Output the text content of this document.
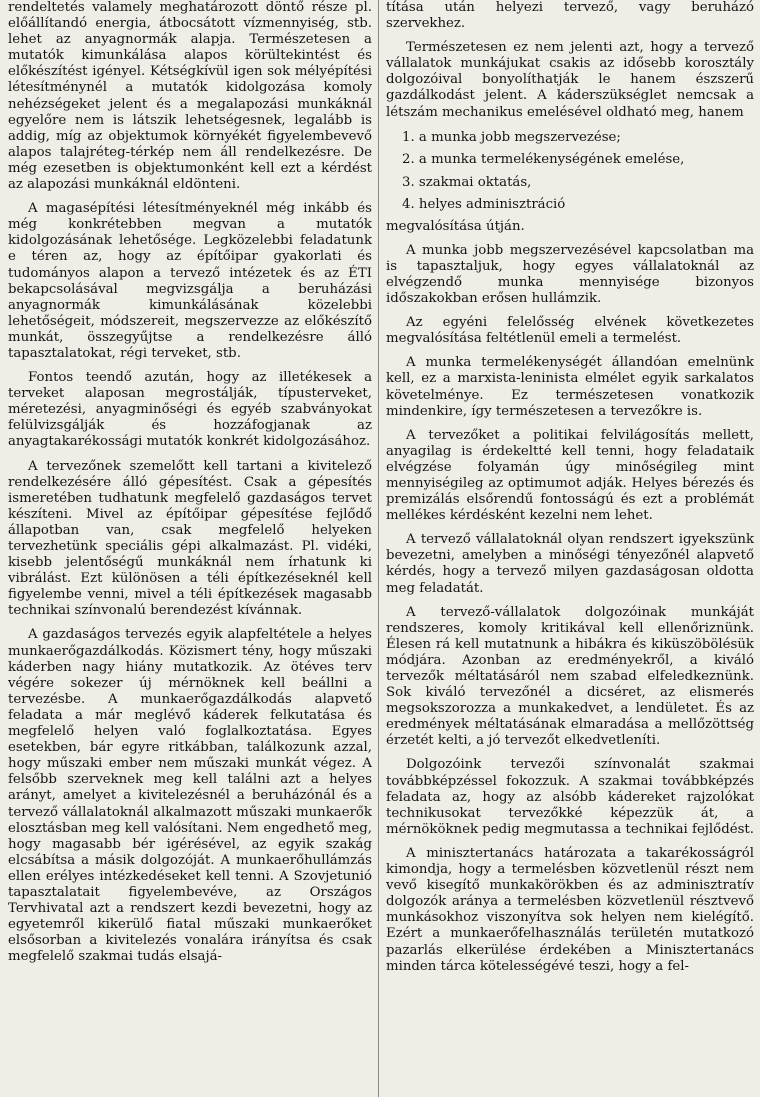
rendeltetés valamely meghatározott döntő része pl. előállítandó energia, átbocsátott vízmennyiség, stb. lehet az anyagnormák alapja. Természetesen a mutatók kimunkálása alapos körültekintést és előkészítést igényel. Kétségkívül igen sok mélyépítési létesítménynél a mutatók kidolgozása komoly nehézségeket jelent és a megalapozási munkáknál egyelőre nem is látszik lehetségesnek, legalább is addig, míg az objektumok környékét figyelembevevő alapos talajréteg-térkép nem áll rendelkezésre. De még ezesetben is objektumonként kell ezt a kérdést az alapozási munkáknál eldönteni.

A magasépítési létesítményeknél még inkább és még konkrétebben megvan a mutatók kidolgozásának lehetősége. Legközelebbi feladatunk e téren az, hogy az építőipar gyakorlati és tudományos alapon a tervező intézetek és az ÉTI bekapcsolásával megvizsgálja a beruházási anyagnormák kimunkálásának közelebbi lehetőségeit, módszereit, megszervezze az előkészítő munkát, összegyűjtse a rendelkezésre álló tapasztalatokat, régi terveket, stb.

Fontos teendő azután, hogy az illetékesek a terveket alaposan megrostálják, típusterveket, méretezési, anyagminőségi és egyéb szabványokat felülvizsgálják és hozzáfogjanak az anyagtakarékossági mutatók konkrét kidolgozásához.

A tervezőnek szemelőtt kell tartani a kivitelező rendelkezésére álló gépesítést. Csak a gépesítés ismeretében tudhatunk megfelelő gazdaságos tervet készíteni. Mivel az építőipar gépesítése fejlődő állapotban van, csak megfelelő helyeken tervezhetünk speciális gépi alkalmazást. Pl. vidéki, kisebb jelentőségű munkáknál nem írhatunk ki vibrálást. Ezt különösen a téli építkezéseknél kell figyelembe venni, mivel a téli építkezések magasabb technikai színvonalú berendezést kívánnak.

A gazdaságos tervezés egyik alapfeltétele a helyes munkaerőgazdálkodás. Közismert tény, hogy műszaki káderben nagy hiány mutatkozik. Az ötéves terv végére sokezer új mérnöknek kell beállni a tervezésbe. A munkaerőgazdálkodás alapvető feladata a már meglévő káderek felkutatása és megfelelő helyen való foglalkoztatása. Egyes esetekben, bár egyre ritkábban, találkozunk azzal, hogy műszaki ember nem műszaki munkát végez. A felsőbb szerveknek meg kell találni azt a helyes arányt, amelyet a kivitelezésnél a beruházónál és a tervező vállalatoknál alkalmazott műszaki munkaerők elosztásban meg kell valósítani. Nem engedhető meg, hogy magasabb bér igérésével, az egyik szakág elcsábítsa a másik dolgozóját. A munkaerőhullámzás ellen erélyes intézkedéseket kell tenni. A Szovjetunió tapasztalatait figyelembevéve, az Országos Tervhivatal azt a rendszert kezdi bevezetni, hogy az egyetemről kikerülő fiatal műszaki munkaerőket elsősorban a kivitelezés vonalára irányítsa és csak megfelelő szakmai tudás elsajá-

títása után helyezi tervező, vagy beruházó szervekhez.

Természetesen ez nem jelenti azt, hogy a tervező vállalatok munkájukat csakis az idősebb korosztály dolgozóival bonyolíthatják le hanem észszerű gazdálkodást jelent. A káderszükséglet nemcsak a létszám mechanikus emelésével oldható meg, hanem

1. a munka jobb megszervezése;
2. a munka termelékenységének emelése,
3. szakmai oktatás,
4. helyes adminisztráció

megvalósítása útján.

A munka jobb megszervezésével kapcsolatban ma is tapasztaljuk, hogy egyes vállalatoknál az elvégzendő munka mennyisége bizonyos időszakokban erősen hullámzik.

Az egyéni felelősség elvének következetes megvalósítása feltétlenül emeli a termelést.

A munka termelékenységét állandóan emelnünk kell, ez a marxista-leninista elmélet egyik sarkalatos követelménye. Ez természetesen vonatkozik mindenkire, így természetesen a tervezőkre is.

A tervezőket a politikai felvilágosítás mellett, anyagilag is érdekeltté kell tenni, hogy feladataik elvégzése folyamán úgy minőségileg mint mennyiségileg az optimumot adják. Helyes bérezés és premizálás elsőrendű fontosságú és ezt a problémát mellékes kérdésként kezelni nem lehet.

A tervező vállalatoknál olyan rendszert igyekszünk bevezetni, amelyben a minőségi tényezőnél alapvető kérdés, hogy a tervező milyen gazdaságosan oldotta meg feladatát.

A tervező-vállalatok dolgozóinak munkáját rendszeres, komoly kritikával kell ellenőriznünk. Élesen rá kell mutatnunk a hibákra és kiküszöbölésük módjára. Azonban az eredményekről, a kiváló tervezők méltatásáról nem szabad elfeledkeznünk. Sok kiváló tervezőnél a dicséret, az elismerés megsokszorozza a munkakedvet, a lendületet. És az eredmények méltatásának elmaradása a mellőzöttség érzetét kelti, a jó tervezőt elkedvetleníti.

Dolgozóink tervezői színvonalát szakmai továbbképzéssel fokozzuk. A szakmai továbbképzés feladata az, hogy az alsóbb kádereket rajzolókat technikusokat tervezőkké képezzük át, a mérnököknek pedig megmutassa a technikai fejlődést.

A minisztertanács határozata a takarékosságról kimondja, hogy a termelésben közvetlenül részt nem vevő kisegítő munkakörökben és az adminisztratív dolgozók aránya a termelésben közvetlenül résztvevő munkásokhoz viszonyítva sok helyen nem kielégítő. Ezért a munkaerőfelhasználás területén mutatkozó pazarlás elkerülése érdekében a Minisztertanács minden tárca kötelességévé teszi, hogy a fel-
